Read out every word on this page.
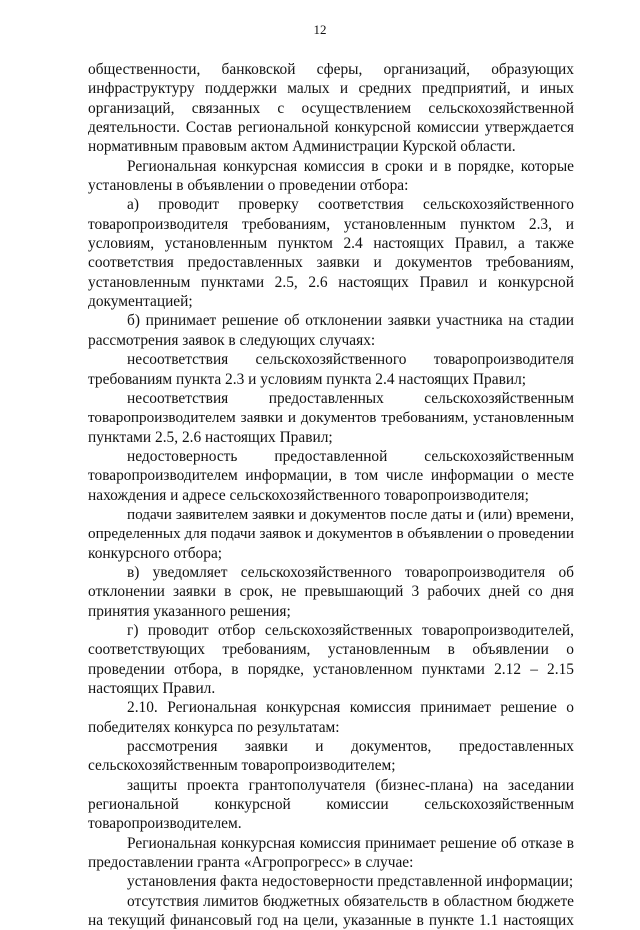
12
общественности, банковской сферы, организаций, образующих
инфраструктуру поддержки малых и средних предприятий, и иных
организаций, связанных с осуществлением сельскохозяйственной
деятельности. Состав региональной конкурсной комиссии утверждается
нормативным правовым актом Администрации Курской области.
Региональная конкурсная комиссия в сроки и в порядке, которые
установлены в объявлении о проведении отбора:
а) проводит проверку соответствия сельскохозяйственного
товаропроизводителя требованиям, установленным пунктом 2.3, и
условиям, установленным пунктом 2.4 настоящих Правил, а также
соответствия предоставленных заявки и документов требованиям,
установленным пунктами 2.5, 2.6 настоящих Правил и конкурсной
документацией;
б) принимает решение об отклонении заявки участника на стадии
рассмотрения заявок в следующих случаях:
несоответствия сельскохозяйственного товаропроизводителя
требованиям пункта 2.3 и условиям пункта 2.4 настоящих Правил;
несоответствия предоставленных сельскохозяйственным
товаропроизводителем заявки и документов требованиям, установленным
пунктами 2.5, 2.6 настоящих Правил;
недостоверность предоставленной сельскохозяйственным
товаропроизводителем информации, в том числе информации о месте
нахождения и адресе сельскохозяйственного товаропроизводителя;
подачи заявителем заявки и документов после даты и (или) времени,
определенных для подачи заявок и документов в объявлении о проведении
конкурсного отбора;
в) уведомляет сельскохозяйственного товаропроизводителя об
отклонении заявки в срок, не превышающий 3 рабочих дней со дня
принятия указанного решения;
г) проводит отбор сельскохозяйственных товаропроизводителей,
соответствующих требованиям, установленным в объявлении о
проведении отбора, в порядке, установленном пунктами 2.12 – 2.15
настоящих Правил.
2.10. Региональная конкурсная комиссия принимает решение о
победителях конкурса по результатам:
рассмотрения заявки и документов, предоставленных
сельскохозяйственным товаропроизводителем;
защиты проекта грантополучателя (бизнес-плана) на заседании
региональной конкурсной комиссии сельскохозяйственным
товаропроизводителем.
Региональная конкурсная комиссия принимает решение об отказе в
предоставлении гранта «Агропрогресс» в случае:
установления факта недостоверности представленной информации;
отсутствия лимитов бюджетных обязательств в областном бюджете
на текущий финансовый год на цели, указанные в пункте 1.1 настоящих
